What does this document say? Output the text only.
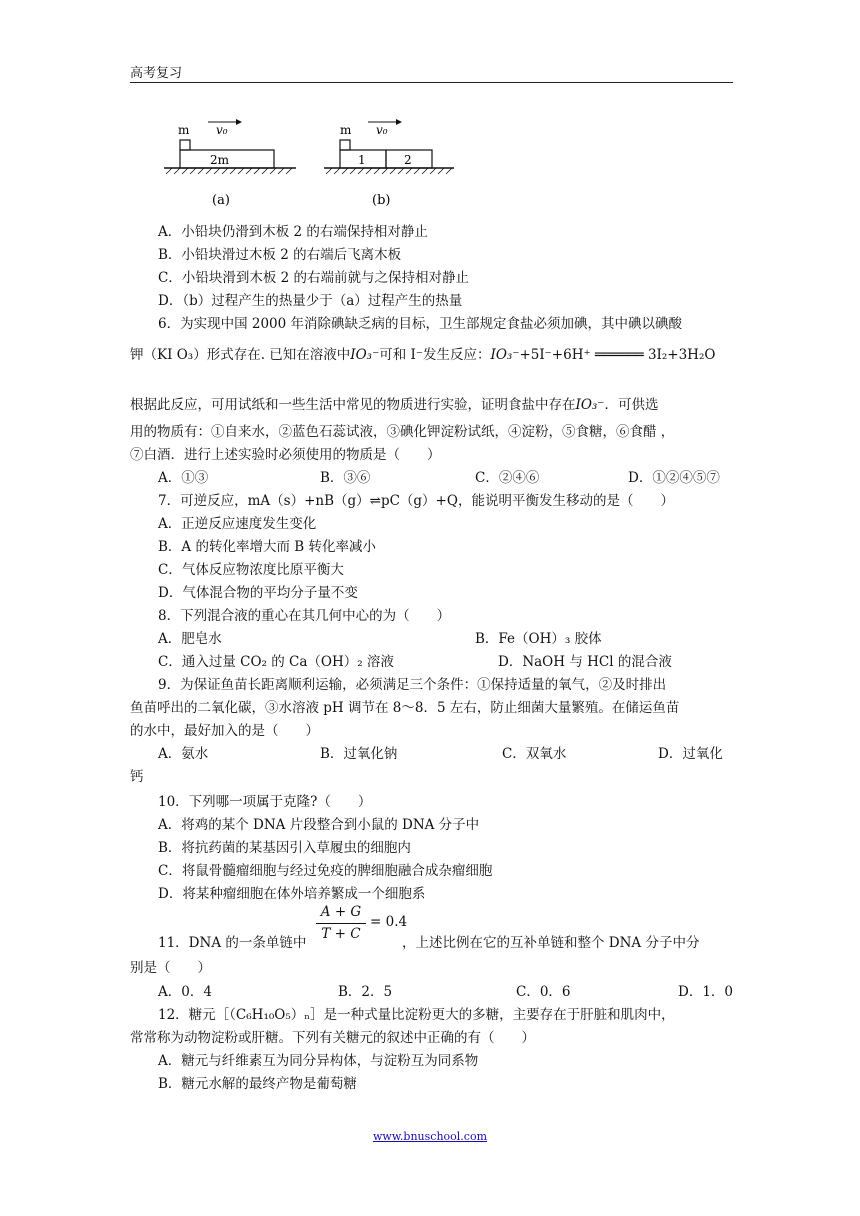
高考复习
m v₀
2m
(a)
m v₀
1	2
(b)
A．小铅块仍滑到木板 2 的右端保持相对静止
B．小铅块滑过木板 2 的右端后飞离木板
C．小铅块滑到木板 2 的右端前就与之保持相对静止
D．（b）过程产生的热量少于（a）过程产生的热量
6．为实现中国 2000 年消除碘缺乏病的目标，卫生部规定食盐必须加碘，其中碘以碘酸
钾（KI O₃）形式存在. 已知在溶液中IO₃⁻可和 I⁻发生反应：IO₃⁻+5I⁻+6H⁺ ══════ 3I₂+3H₂O
根据此反应，可用试纸和一些生活中常见的物质进行实验，证明食盐中存在IO₃⁻．可供选
用的物质有：①自来水，②蓝色石蕊试液，③碘化钾淀粉试纸，④淀粉，⑤食糖，⑥食醋 ，
⑦白酒．进行上述实验时必须使用的物质是（　　）
A．①③	B．③⑥	C．②④⑥	D．①②④⑤⑦
7．可逆反应，mA（s）+nB（g）⇌pC（g）+Q，能说明平衡发生移动的是（　　）
A．正逆反应速度发生变化
B．A 的转化率增大而 B 转化率减小
C．气体反应物浓度比原平衡大
D．气体混合物的平均分子量不变
8．下列混合液的重心在其几何中心的为（　　）
A．肥皂水	B．Fe（OH）₃ 胶体
C．通入过量 CO₂ 的 Ca（OH）₂ 溶液	D．NaOH 与 HCl 的混合液
9．为保证鱼苗长距离顺利运输，必须满足三个条件：①保持适量的氧气，②及时排出
鱼苗呼出的二氧化碳，③水溶液 pH 调节在 8～8．5 左右，防止细菌大量繁殖。在储运鱼苗
的水中，最好加入的是（　　）
A．氨水	B．过氧化钠	C．双氧水	D．过氧化
钙
10．下列哪一项属于克隆?（　　）
A．将鸡的某个 DNA 片段整合到小鼠的 DNA 分子中
B．将抗药菌的某基因引入草履虫的细胞内
C．将鼠骨髓瘤细胞与经过免疫的脾细胞融合成杂瘤细胞
D．将某种瘤细胞在体外培养繁成一个细胞系
A + G
T + C
= 0.4
11．DNA 的一条单链中	，上述比例在它的互补单链和整个 DNA 分子中分
别是（　　）
A．0．4	B．2．5	C．0．6	D．1．0
12．糖元［（C₆H₁₀O₅）ₙ］是一种式量比淀粉更大的多糖，主要存在于肝脏和肌肉中，
常常称为动物淀粉或肝糖。下列有关糖元的叙述中正确的有（　　）
A．糖元与纤维素互为同分异构体，与淀粉互为同系物
B．糖元水解的最终产物是葡萄糖
www.bnuschool.com
